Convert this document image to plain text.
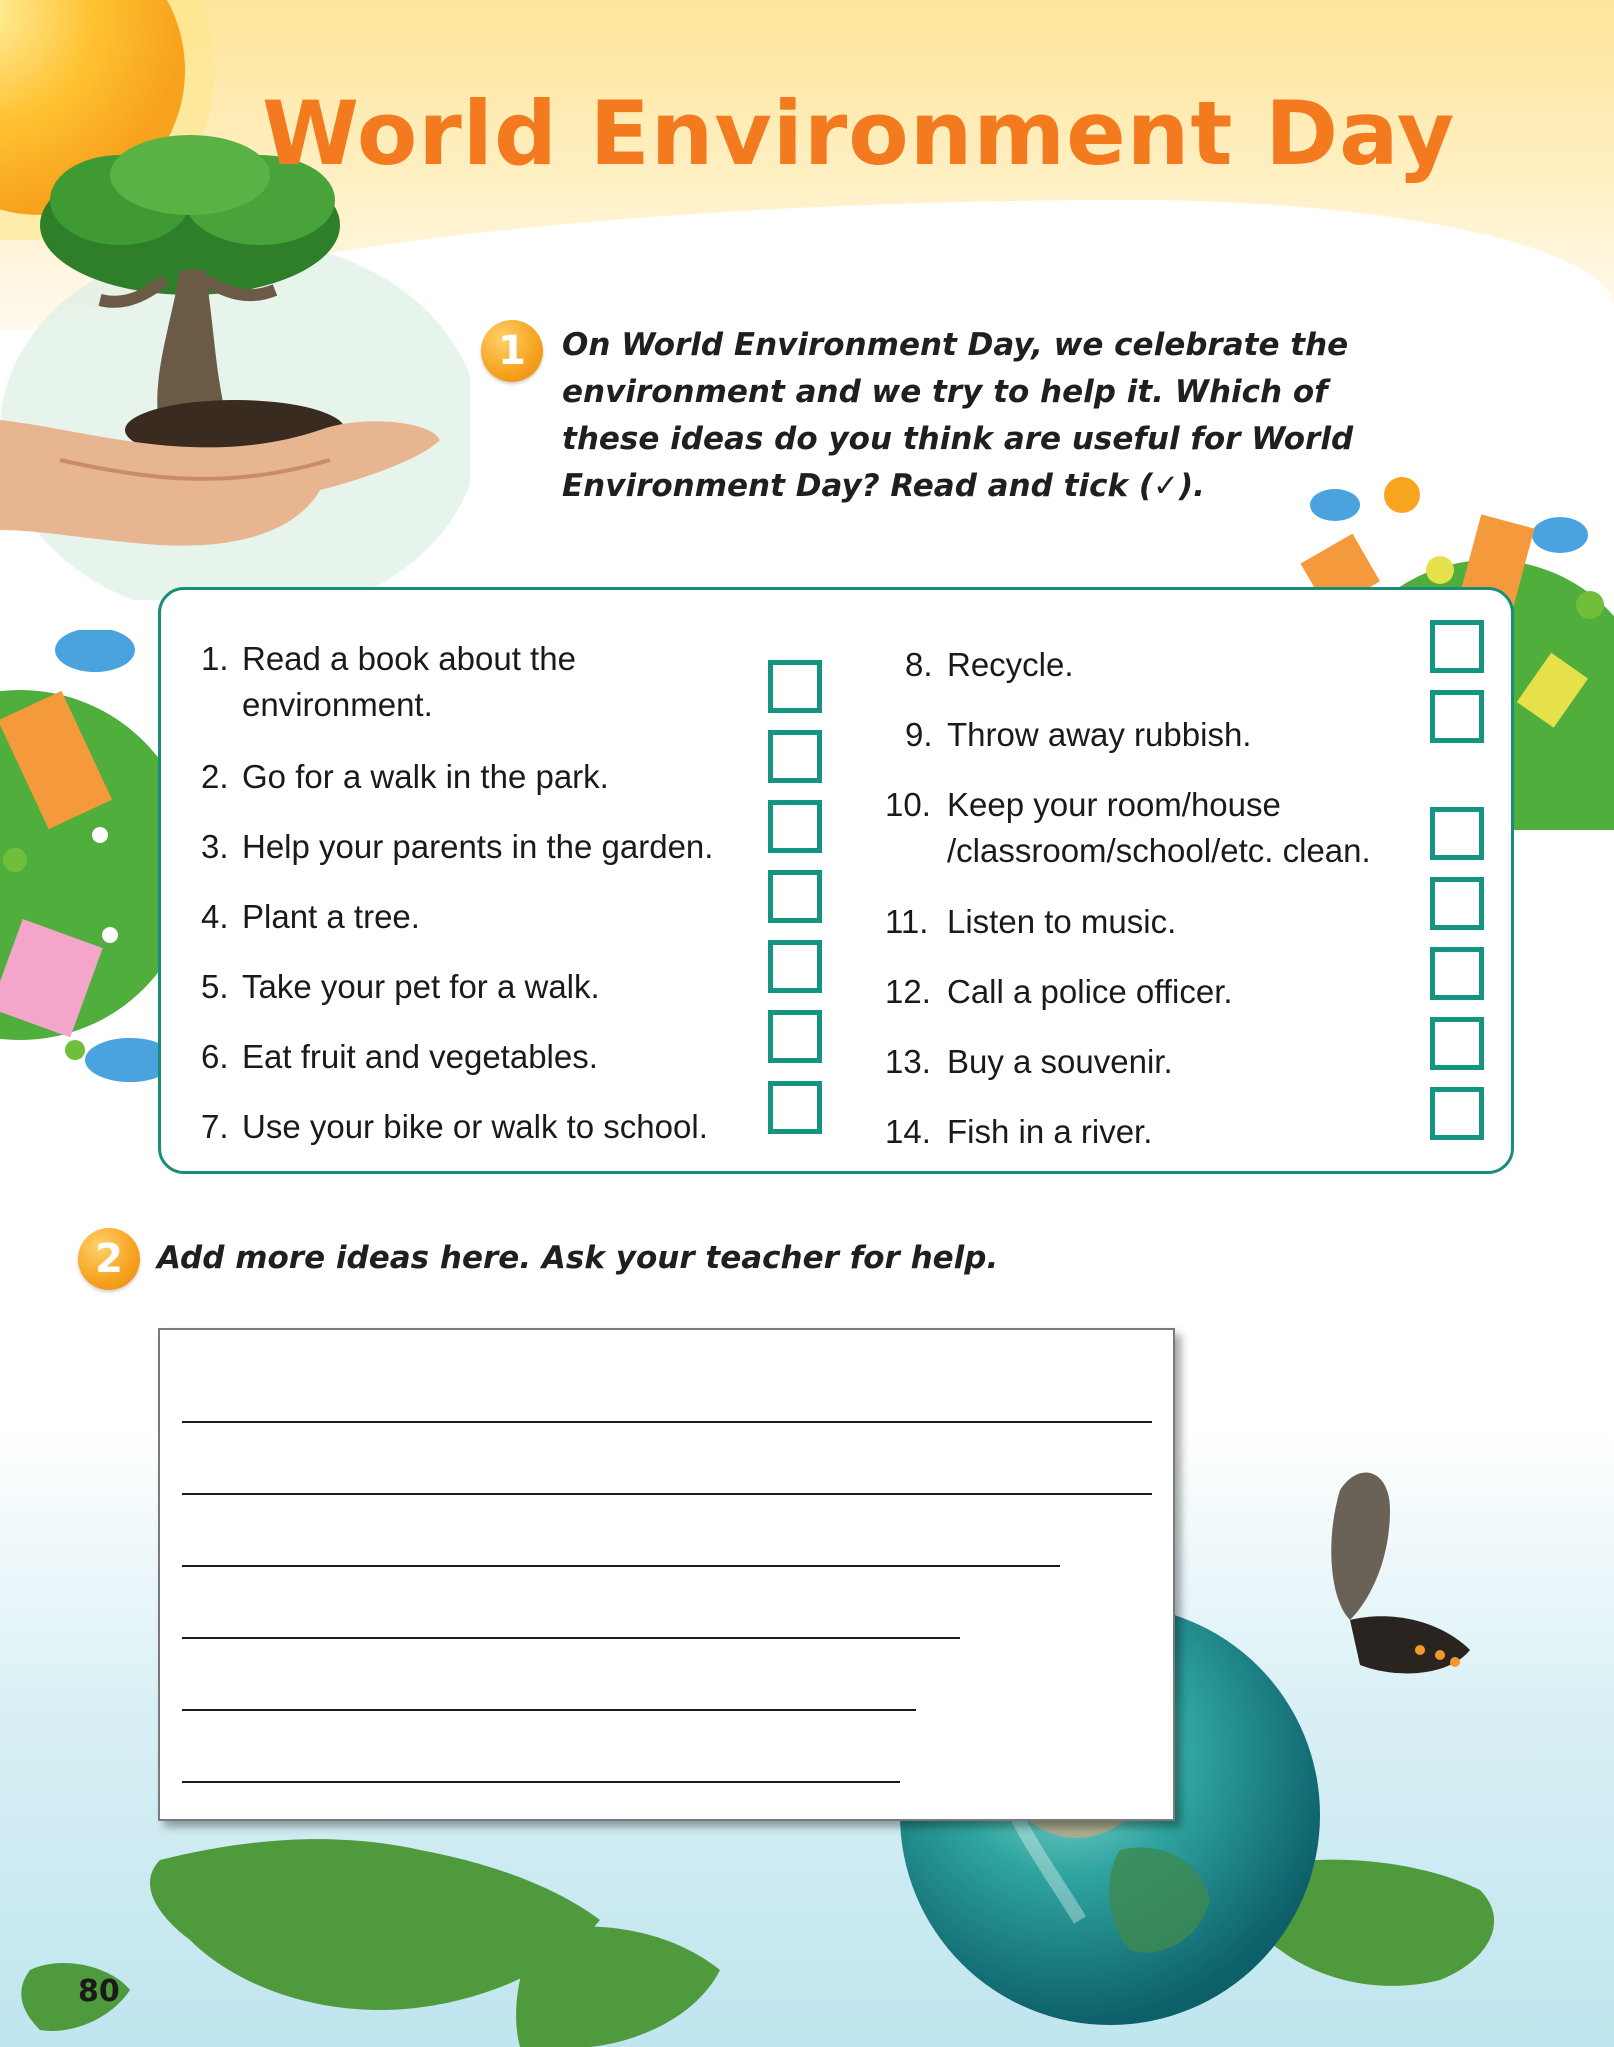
World Environment Day
1	On World Environment Day, we celebrate the
environment and we try to help it. Which of
these ideas do you think are useful for World
Environment Day? Read and tick (✓).
1. Read a book about the
environment.
2. Go for a walk in the park.
3. Help your parents in the garden.
4. Plant a tree.
5. Take your pet for a walk.
6. Eat fruit and vegetables.
7. Use your bike or walk to school.
8. Recycle.
9. Throw away rubbish.
10. Keep your room/house
/classroom/school/etc. clean.
11. Listen to music.
12. Call a police officer.
13. Buy a souvenir.
14. Fish in a river.
2	Add more ideas here. Ask your teacher for help.
80
